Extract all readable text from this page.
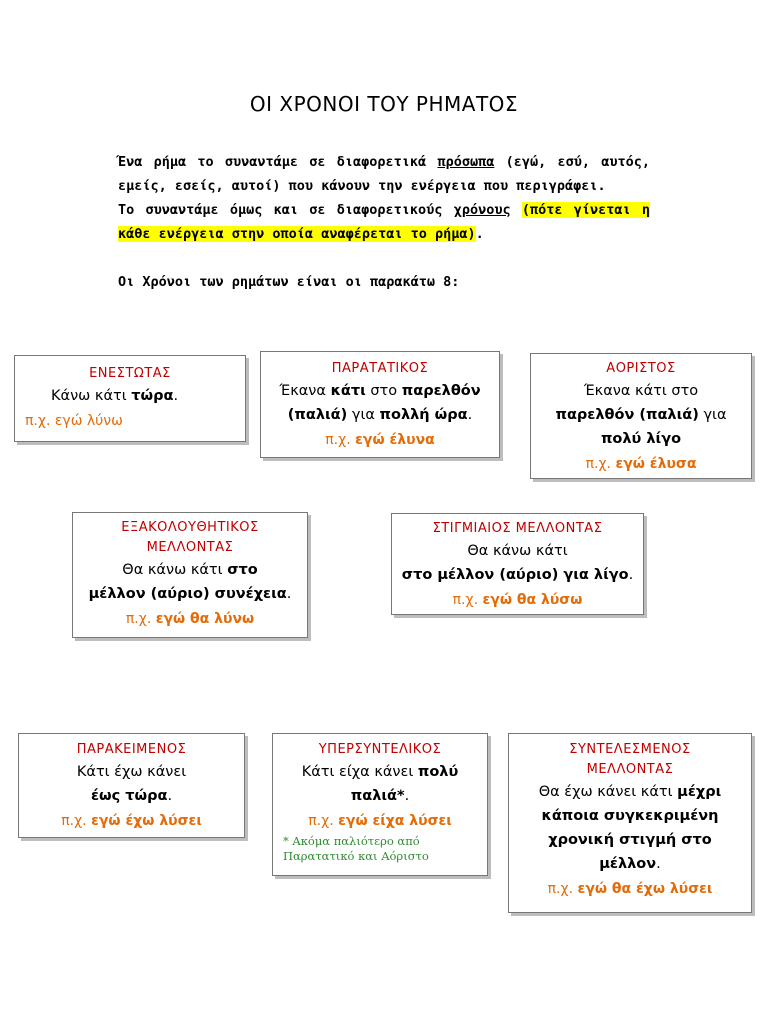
ΟΙ ΧΡΟΝΟΙ ΤΟΥ ΡΗΜΑΤΟΣ

Ένα ρήμα το συναντάμε σε διαφορετικά πρόσωπα (εγώ, εσύ, αυτός, εμείς, εσείς, αυτοί) που κάνουν την ενέργεια που περιγράφει.

Το συναντάμε όμως και σε διαφορετικούς χρόνους (πότε γίνεται η κάθε ενέργεια στην οποία αναφέρεται το ρήμα).

Οι Χρόνοι των ρημάτων είναι οι παρακάτω 8:

ΕΝΕΣΤΩΤΑΣ
Κάνω κάτι τώρα.
π.χ. εγώ λύνω
ΠΑΡΑΤΑΤΙΚΟΣ
Έκανα κάτι στο παρελθόν
(παλιά) για πολλή ώρα.
π.χ. εγώ έλυνα
ΑΟΡΙΣΤΟΣ
Έκανα κάτι στο
παρελθόν (παλιά) για
πολύ λίγο
π.χ. εγώ έλυσα
ΕΞΑΚΟΛΟΥΘΗΤΙΚΟΣ
ΜΕΛΛΟΝΤΑΣ
Θα κάνω κάτι στο
μέλλον (αύριο) συνέχεια.
π.χ. εγώ θα λύνω
ΣΤΙΓΜΙΑΙΟΣ ΜΕΛΛΟΝΤΑΣ
Θα κάνω κάτι
στο μέλλον (αύριο) για λίγο.
π.χ. εγώ θα λύσω
ΠΑΡΑΚΕΙΜΕΝΟΣ
Κάτι έχω κάνει
έως τώρα.
π.χ. εγώ έχω λύσει
ΥΠΕΡΣΥΝΤΕΛΙΚΟΣ
Κάτι είχα κάνει πολύ
παλιά*.
π.χ. εγώ είχα λύσει
* Ακόμα παλιότερο από Παρατατικό και Αόριστο
ΣΥΝΤΕΛΕΣΜΕΝΟΣ
ΜΕΛΛΟΝΤΑΣ
Θα έχω κάνει κάτι μέχρι
κάποια συγκεκριμένη
χρονική στιγμή στο
μέλλον.
π.χ. εγώ θα έχω λύσει
